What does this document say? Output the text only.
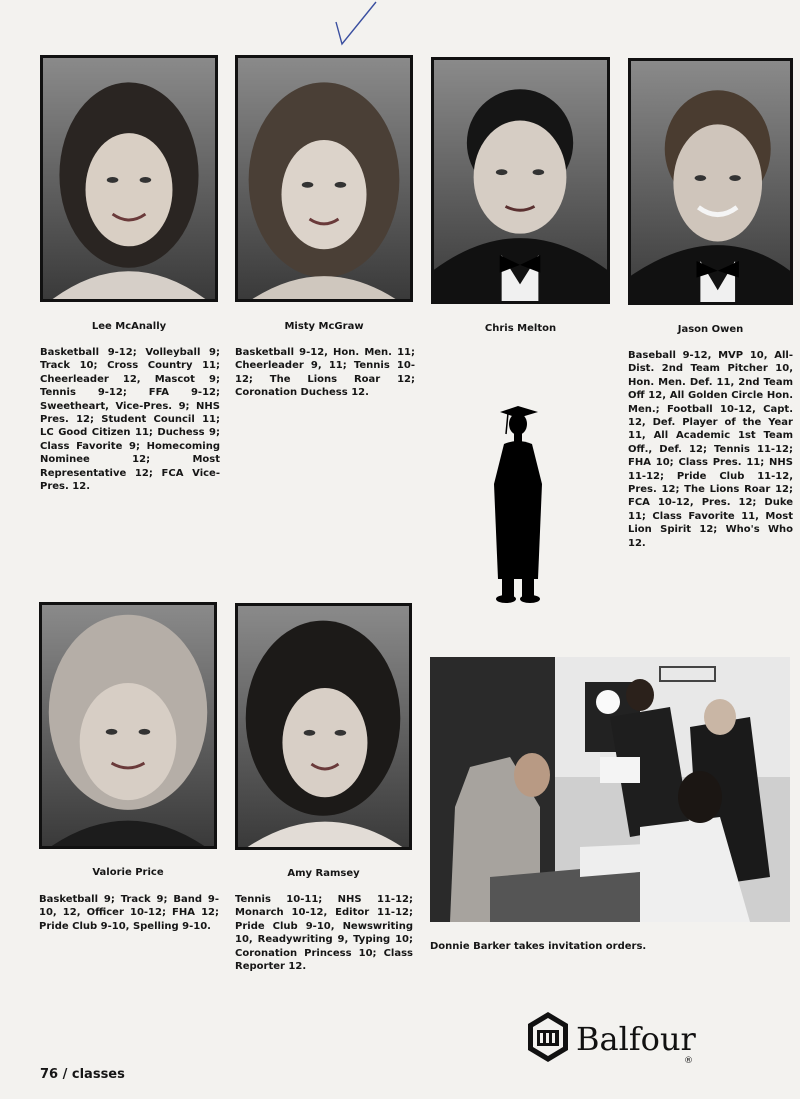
Lee McAnally	Misty McGraw	Chris Melton	Jason Owen
Valorie Price	Amy Ramsey
Basketball 9-12; Volleyball 9; Track 10; Cross Country 11; Cheerleader 12, Mascot 9; Tennis 9-12; FFA 9-12; Sweetheart, Vice-Pres. 9; NHS Pres. 12; Student Council 11; LC Good Citizen 11; Duchess 9; Class Favorite 9; Homecoming Nominee 12; Most Representative 12; FCA Vice-Pres. 12.
Basketball 9-12, Hon. Men. 11; Cheerleader 9, 11; Tennis 10-12; The Lions Roar 12; Coronation Duchess 12.
Baseball 9-12, MVP 10, All-Dist. 2nd Team Pitcher 10, Hon. Men. Def. 11, 2nd Team Off 12, All Golden Circle Hon. Men.; Football 10-12, Capt. 12, Def. Player of the Year 11, All Academic 1st Team Off., Def. 12; Tennis 11-12; FHA 10; Class Pres. 11; NHS 11-12; Pride Club 11-12, Pres. 12; The Lions Roar 12; FCA 10-12, Pres. 12; Duke 11; Class Favorite 11, Most Lion Spirit 12; Who's Who 12.
Basketball 9; Track 9; Band 9-10, 12, Officer 10-12; FHA 12; Pride Club 9-10, Spelling 9-10.
Tennis 10-11; NHS 11-12; Monarch 10-12, Editor 11-12; Pride Club 9-10, Newswriting 10, Readywriting 9, Typing 10; Coronation Princess 10; Class Reporter 12.
Donnie Barker takes invitation orders.
76 / classes
Balfour
®
